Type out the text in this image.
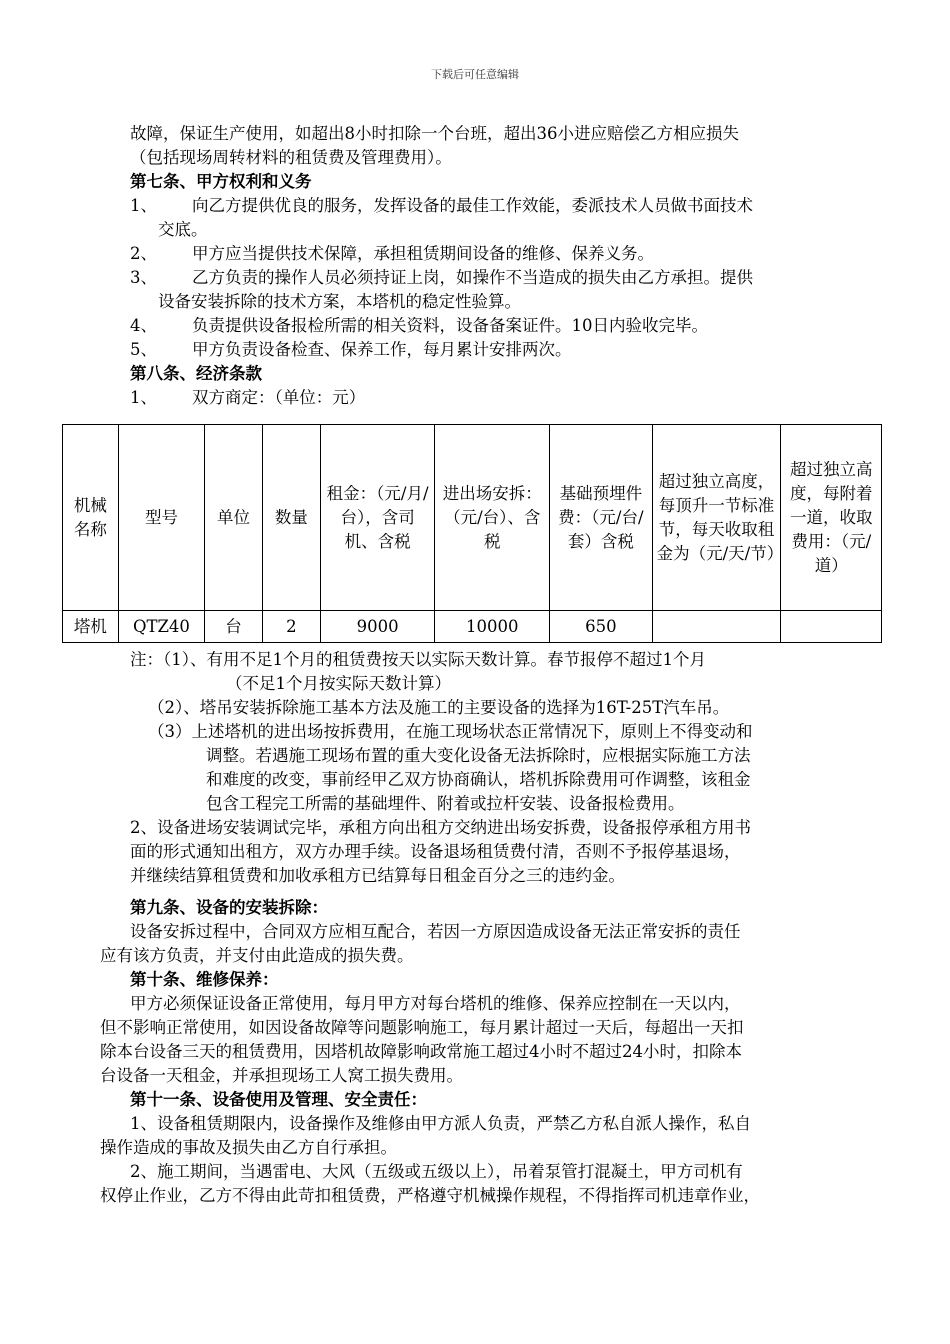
下载后可任意编辑
故障，保证生产使用，如超出8小时扣除一个台班，超出36小进应赔偿乙方相应损失
（包括现场周转材料的租赁费及管理费用）。
第七条、甲方权利和义务
1、	向乙方提供优良的服务，发挥设备的最佳工作效能，委派技术人员做书面技术
交底。
2、	甲方应当提供技术保障，承担租赁期间设备的维修、保养义务。
3、	乙方负责的操作人员必须持证上岗，如操作不当造成的损失由乙方承担。提供
设备安装拆除的技术方案，本塔机的稳定性验算。
4、	负责提供设备报检所需的相关资料，设备备案证件。10日内验收完毕。
5、	甲方负责设备检查、保养工作，每月累计安排两次。
第八条、经济条款
1、	双方商定：（单位：元）
机械名称	型号	单位	数量	租金：（元/月/台），含司机、含税	进出场安拆：（元/台）、含税	基础预埋件费：（元/台/套）含税	超过独立高度，每顶升一节标准节，每天收取租金为（元/天/节）	超过独立高度，每附着一道，收取费用：（元/道）
塔机	QTZ40	台	2	9000	10000	650		
注：（1）、有用不足1个月的租赁费按天以实际天数计算。春节报停不超过1个月
（不足1个月按实际天数计算）
（2）、塔吊安装拆除施工基本方法及施工的主要设备的选择为16T-25T汽车吊。
（3）上述塔机的进出场按拆费用，在施工现场状态正常情况下，原则上不得变动和
调整。若遇施工现场布置的重大变化设备无法拆除时，应根据实际施工方法
和难度的改变，事前经甲乙双方协商确认，塔机拆除费用可作调整，该租金
包含工程完工所需的基础埋件、附着或拉杆安装、设备报检费用。
2、设备进场安装调试完毕，承租方向出租方交纳进出场安拆费，设备报停承租方用书
面的形式通知出租方，双方办理手续。设备退场租赁费付清，否则不予报停基退场，
并继续结算租赁费和加收承租方已结算每日租金百分之三的违约金。
第九条、设备的安装拆除：
设备安拆过程中，合同双方应相互配合，若因一方原因造成设备无法正常安拆的责任
应有该方负责，并支付由此造成的损失费。
第十条、维修保养：
甲方必须保证设备正常使用，每月甲方对每台塔机的维修、保养应控制在一天以内，
但不影响正常使用，如因设备故障等问题影响施工，每月累计超过一天后，每超出一天扣
除本台设备三天的租赁费用，因塔机故障影响政常施工超过4小时不超过24小时，扣除本
台设备一天租金，并承担现场工人窝工损失费用。
第十一条、设备使用及管理、安全责任：
1、设备租赁期限内，设备操作及维修由甲方派人负责，严禁乙方私自派人操作，私自
操作造成的事故及损失由乙方自行承担。
2、施工期间，当遇雷电、大风（五级或五级以上），吊着泵管打混凝土，甲方司机有
权停止作业，乙方不得由此苛扣租赁费，严格遵守机械操作规程，不得指挥司机违章作业，
